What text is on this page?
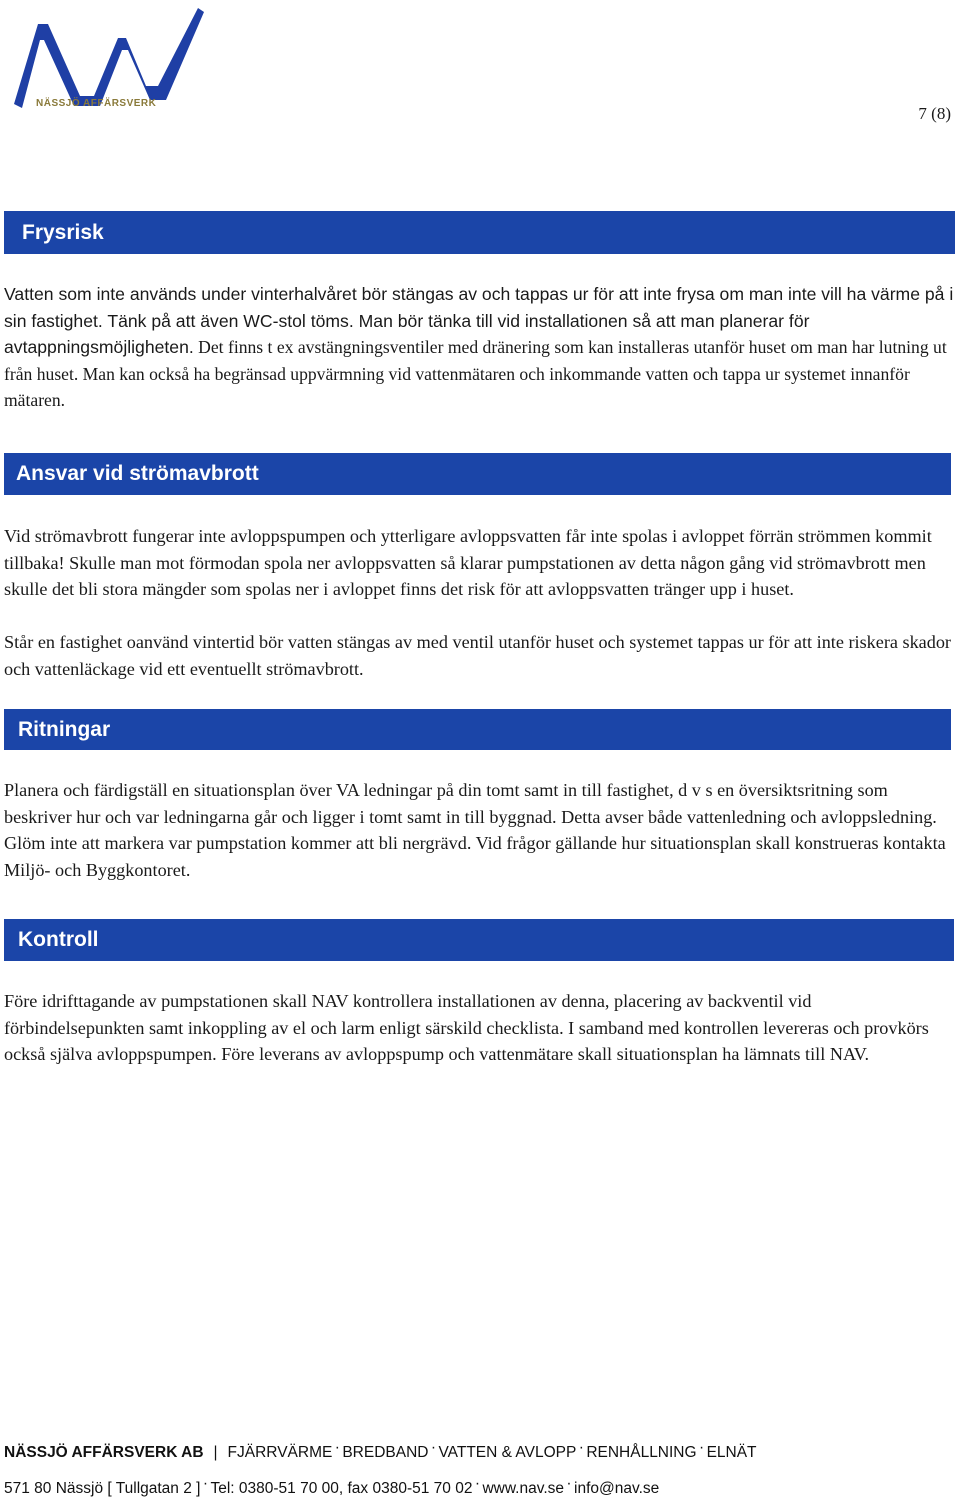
NÄSSJÖ AFFÄRSVERK
7 (8)
Frysrisk

Vatten som inte används under vinterhalvåret bör stängas av och tappas ur för att inte frysa om man inte vill ha värme på i sin fastighet. Tänk på att även WC-stol töms. Man bör tänka till vid installationen så att man planerar för avtappningsmöjligheten. Det finns t ex avstängningsventiler med dränering som kan installeras utanför huset om man har lutning ut från huset. Man kan också ha begränsad uppvärmning vid vattenmätaren och inkommande vatten och tappa ur systemet innanför mätaren.

Ansvar vid strömavbrott

Vid strömavbrott fungerar inte avloppspumpen och ytterligare avloppsvatten får inte spolas i avloppet förrän strömmen kommit tillbaka! Skulle man mot förmodan spola ner avloppsvatten så klarar pumpstationen av detta någon gång vid strömavbrott men skulle det bli stora mängder som spolas ner i avloppet finns det risk för att avloppsvatten tränger upp i huset.

Står en fastighet oanvänd vintertid bör vatten stängas av med ventil utanför huset och systemet tappas ur för att inte riskera skador och vattenläckage vid ett eventuellt strömavbrott.

Ritningar

Planera och färdigställ en situationsplan över VA ledningar på din tomt samt in till fastighet, d v s en översiktsritning som beskriver hur och var ledningarna går och ligger i tomt samt in till byggnad. Detta avser både vattenledning och avloppsledning. Glöm inte att markera var pumpstation kommer att bli nergrävd. Vid frågor gällande hur situationsplan skall konstrueras kontakta Miljö- och Byggkontoret.

Kontroll

Före idrifttagande av pumpstationen skall NAV kontrollera installationen av denna, placering av backventil vid förbindelsepunkten samt inkoppling av el och larm enligt särskild checklista. I samband med kontrollen levereras och provkörs också själva avloppspumpen. Före leverans av avloppspump och vattenmätare skall situationsplan ha lämnats till NAV.

NÄSSJÖ AFFÄRSVERK AB | FJÄRRVÄRME · BREDBAND · VATTEN & AVLOPP · RENHÅLLNING · ELNÄT
571 80 Nässjö [ Tullgatan 2 ] · Tel: 0380-51 70 00, fax 0380-51 70 02 · www.nav.se · info@nav.se
